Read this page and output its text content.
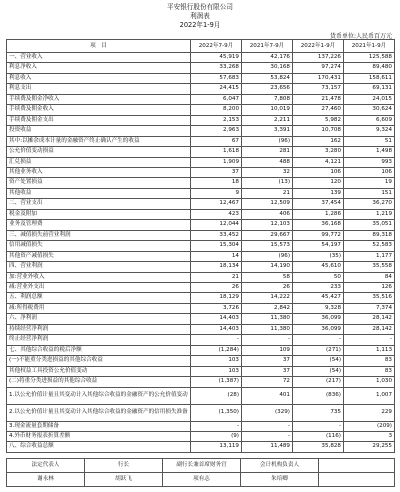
平安银行股份有限公司
利润表
2022年1-9月
货币单位:人民币百万元
项　目	2022年7-9月	2021年7-9月	2022年1-9月	2021年1-9月
一、营业收入	45,919	42,176	137,226	125,588
利息净收入	33,268	30,168	97,274	89,480
利息收入	57,683	53,824	170,431	158,611
利息支出	24,415	23,656	73,157	69,131
手续费及佣金净收入	6,047	7,808	21,478	24,015
手续费及佣金收入	8,200	10,019	27,460	30,624
手续费及佣金支出	2,153	2,211	5,982	6,609
投资收益	2,963	3,391	10,708	9,324
其中:以摊余成本计量的金融资产终止确认产生的收益	67	(96)	162	51
公允价值变动损益	1,618	281	3,280	1,498
汇兑损益	1,909	488	4,121	993
其他业务收入	37	32	106	106
资产处置损益	18	(13)	120	19
其他收益	9	21	139	151
二、营业支出	12,467	12,509	37,454	36,270
税金及附加	423	406	1,286	1,219
业务及管理费	12,044	12,103	36,168	35,051
三、减值损失前营业利润	33,452	29,667	99,772	89,318
信用减值损失	15,304	15,573	54,197	52,583
其他资产减值损失	14	(96)	(35)	1,177
四、营业利润	18,134	14,190	45,610	35,558
加:营业外收入	21	58	50	84
减:营业外支出	26	26	233	126
五、利润总额	18,129	14,222	45,427	35,516
减:所得税费用	3,726	2,842	9,328	7,374
六、净利润	14,403	11,380	36,099	28,142
持续经营净利润	14,403	11,380	36,099	28,142
终止经营净利润	-	-	-	-
七、其他综合收益的税后净额	(1,284)	109	(271)	1,113
(一)不能重分类进损益的其他综合收益	103	37	(54)	83
其他权益工具投资公允价值变动	103	37	(54)	83
(二)将重分类进损益的其他综合收益	(1,387)	72	(217)	1,030
1.以公允价值计量且其变动计入其他综合收益的金融资产的公允价值变动	(28)	401	(836)	1,007
2.以公允价值计量且其变动计入其他综合收益的金融资产的信用损失准备	(1,350)	(329)	735	229
3.现金流量套期储备	-	-	-	(209)
4.外币财务报表折算差额	(9)	-	(116)	3
八、综合收益总额	13,119	11,489	35,828	29,255
法定代表人	行长	副行长兼首席财务官	会计机构负责人	
谢永林	胡跃飞	项有志	朱培卿	
